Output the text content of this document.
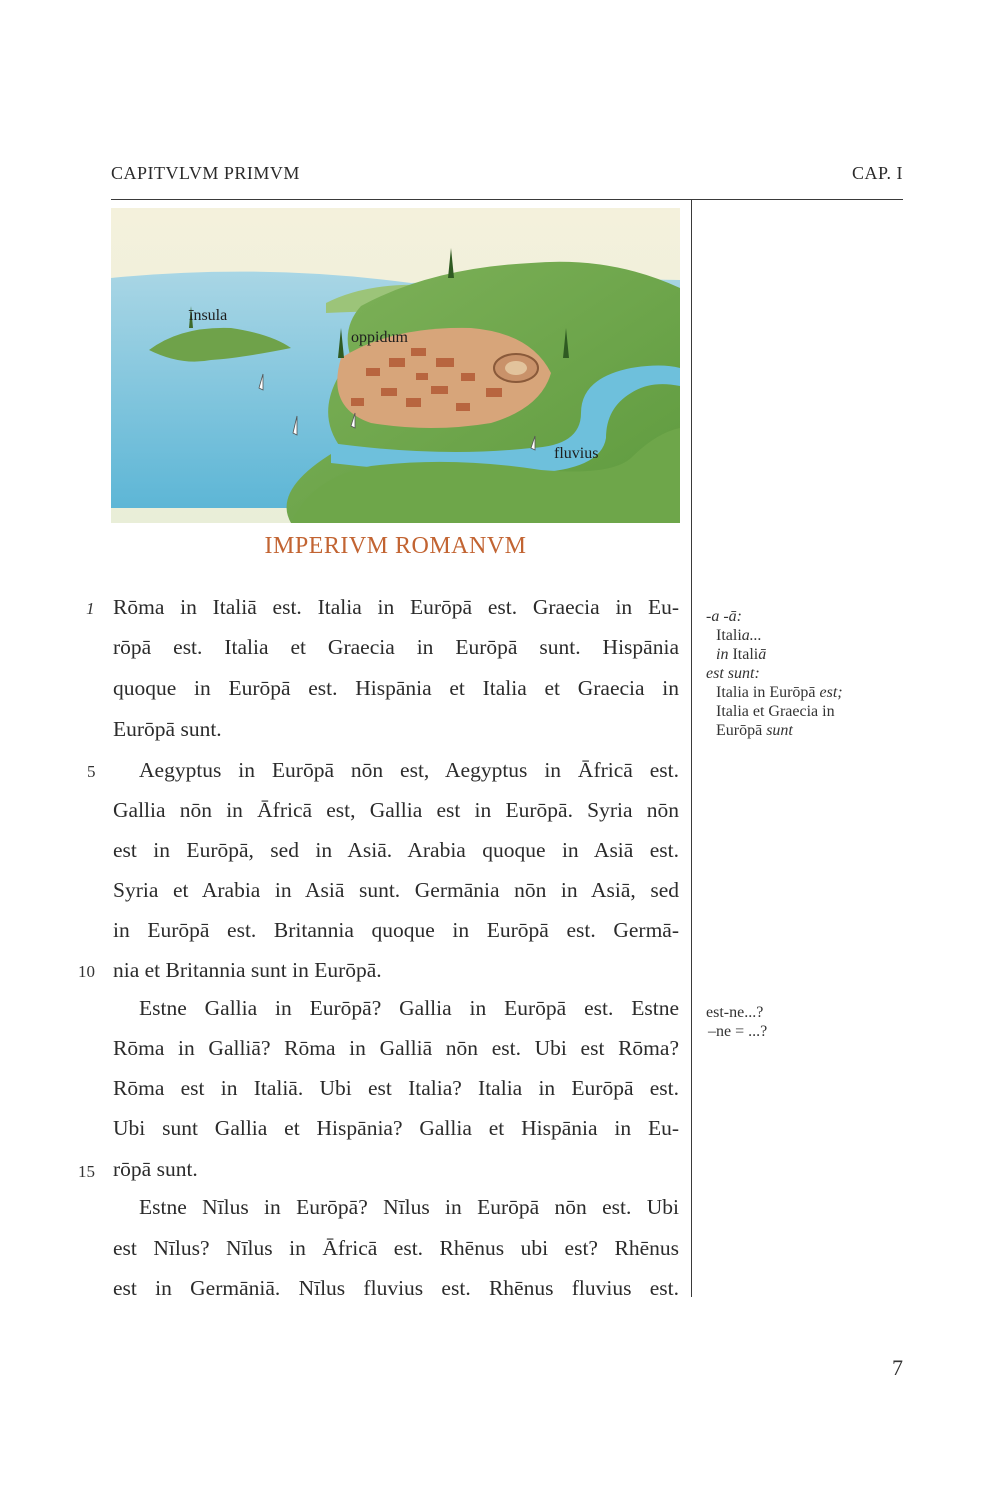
CAPITVLVM PRIMVM	CAP. I
īnsula
oppidum
fluvius
IMPERIVM ROMANVM
1
5
10
15
Rōma in Italiā est. Italia in Eurōpā est. Graecia in Eu-
rōpā est. Italia et Graecia in Eurōpā sunt. Hispānia
quoque in Eurōpā est. Hispānia et Italia et Graecia in
Eurōpā sunt.
Aegyptus in Eurōpā nōn est, Aegyptus in Āfricā est.
Gallia nōn in Āfricā est, Gallia est in Eurōpā. Syria nōn
est in Eurōpā, sed in Asiā. Arabia quoque in Asiā est.
Syria et Arabia in Asiā sunt. Germānia nōn in Asiā, sed
in Eurōpā est. Britannia quoque in Eurōpā est. Germā-
nia et Britannia sunt in Eurōpā.
Estne Gallia in Eurōpā? Gallia in Eurōpā est. Estne
Rōma in Galliā? Rōma in Galliā nōn est. Ubi est Rōma?
Rōma est in Italiā. Ubi est Italia? Italia in Eurōpā est.
Ubi sunt Gallia et Hispānia? Gallia et Hispānia in Eu-
rōpā sunt.
Estne Nīlus in Eurōpā? Nīlus in Eurōpā nōn est. Ubi
est Nīlus? Nīlus in Āfricā est. Rhēnus ubi est? Rhēnus
est in Germāniā. Nīlus fluvius est. Rhēnus fluvius est.
-a -ā:
Italia...
in Italiā
est sunt:
Italia in Eurōpā est;
Italia et Graecia in
Eurōpā sunt
est-ne...?
–ne = ...?
7
